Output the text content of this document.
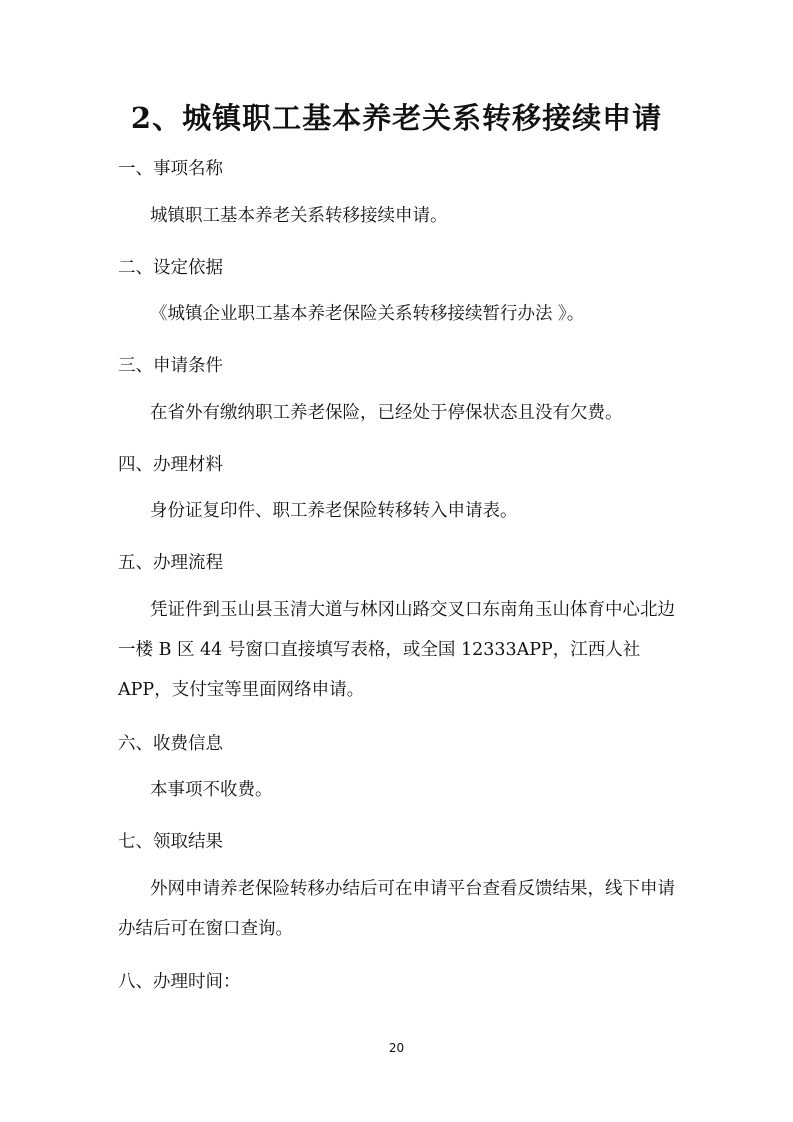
2、城镇职工基本养老关系转移接续申请
一、事项名称
城镇职工基本养老关系转移接续申请。
二、设定依据
《城镇企业职工基本养老保险关系转移接续暂行办法 》。
三、申请条件
在省外有缴纳职工养老保险，已经处于停保状态且没有欠费。
四、办理材料
身份证复印件、职工养老保险转移转入申请表。
五、办理流程
凭证件到玉山县玉清大道与林冈山路交叉口东南角玉山体育中心北边一楼 B 区 44 号窗口直接填写表格，或全国 12333APP，江西人社APP，支付宝等里面网络申请。
六、收费信息
本事项不收费。
七、领取结果
外网申请养老保险转移办结后可在申请平台查看反馈结果，线下申请办结后可在窗口查询。
八、办理时间：
20
